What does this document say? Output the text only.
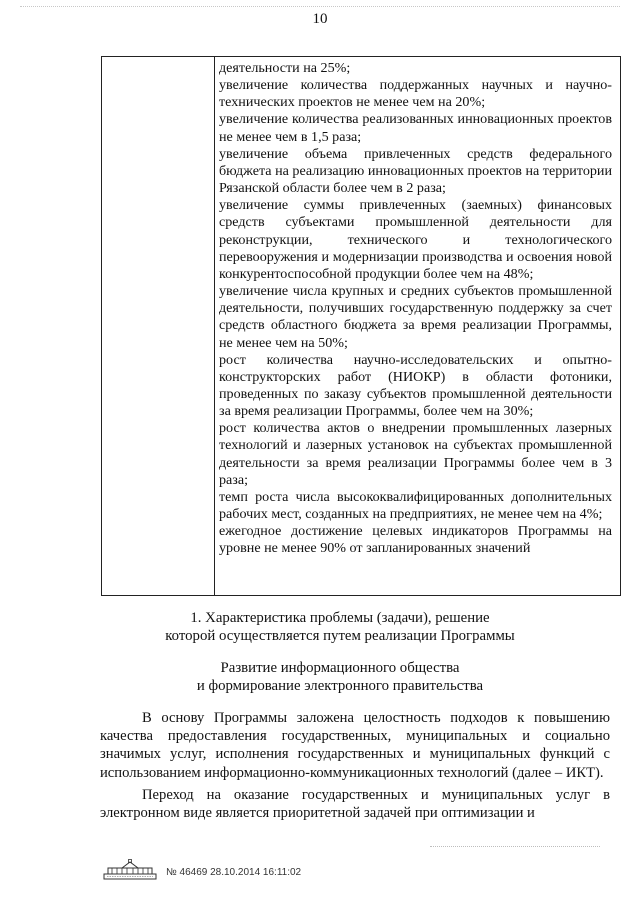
10

деятельности на 25%;

увеличение количества поддержанных научных и научно-технических проектов не менее чем на 20%;

увеличение количества реализованных инновационных проектов не менее чем в 1,5 раза;

увеличение объема привлеченных средств федерального бюджета на реализацию инновационных проектов на территории Рязанской области более чем в 2 раза;

увеличение суммы привлеченных (заемных) финансовых средств субъектами промышленной деятельности для реконструкции, технического и технологического перевооружения и модернизации производства и освоения новой конкурентоспособной продукции более чем на 48%;

увеличение числа крупных и средних субъектов промышленной деятельности, получивших государственную поддержку за счет средств областного бюджета за время реализации Программы, не менее чем на 50%;

рост количества научно-исследовательских и опытно-конструкторских работ (НИОКР) в области фотоники, проведенных по заказу субъектов промышленной деятельности за время реализации Программы, более чем на 30%;

рост количества актов о внедрении промышленных лазерных технологий и лазерных установок на субъектах промышленной деятельности за время реализации Программы более чем в 3 раза;

темп роста числа высококвалифицированных дополнительных рабочих мест, созданных на предприятиях, не менее чем на 4%;

ежегодное достижение целевых индикаторов Программы на уровне не менее 90% от запланированных значений

1. Характеристика проблемы (задачи), решение

которой осуществляется путем реализации Программы

Развитие информационного общества

и формирование электронного правительства

В основу Программы заложена целостность подходов к повышению качества предоставления государственных, муниципальных и социально значимых услуг, исполнения государственных и муниципальных функций с использованием информационно-коммуникационных технологий (далее – ИКТ).

Переход на оказание государственных и муниципальных услуг в электронном виде является приоритетной задачей при оптимизации и

№ 46469 28.10.2014 16:11:02
